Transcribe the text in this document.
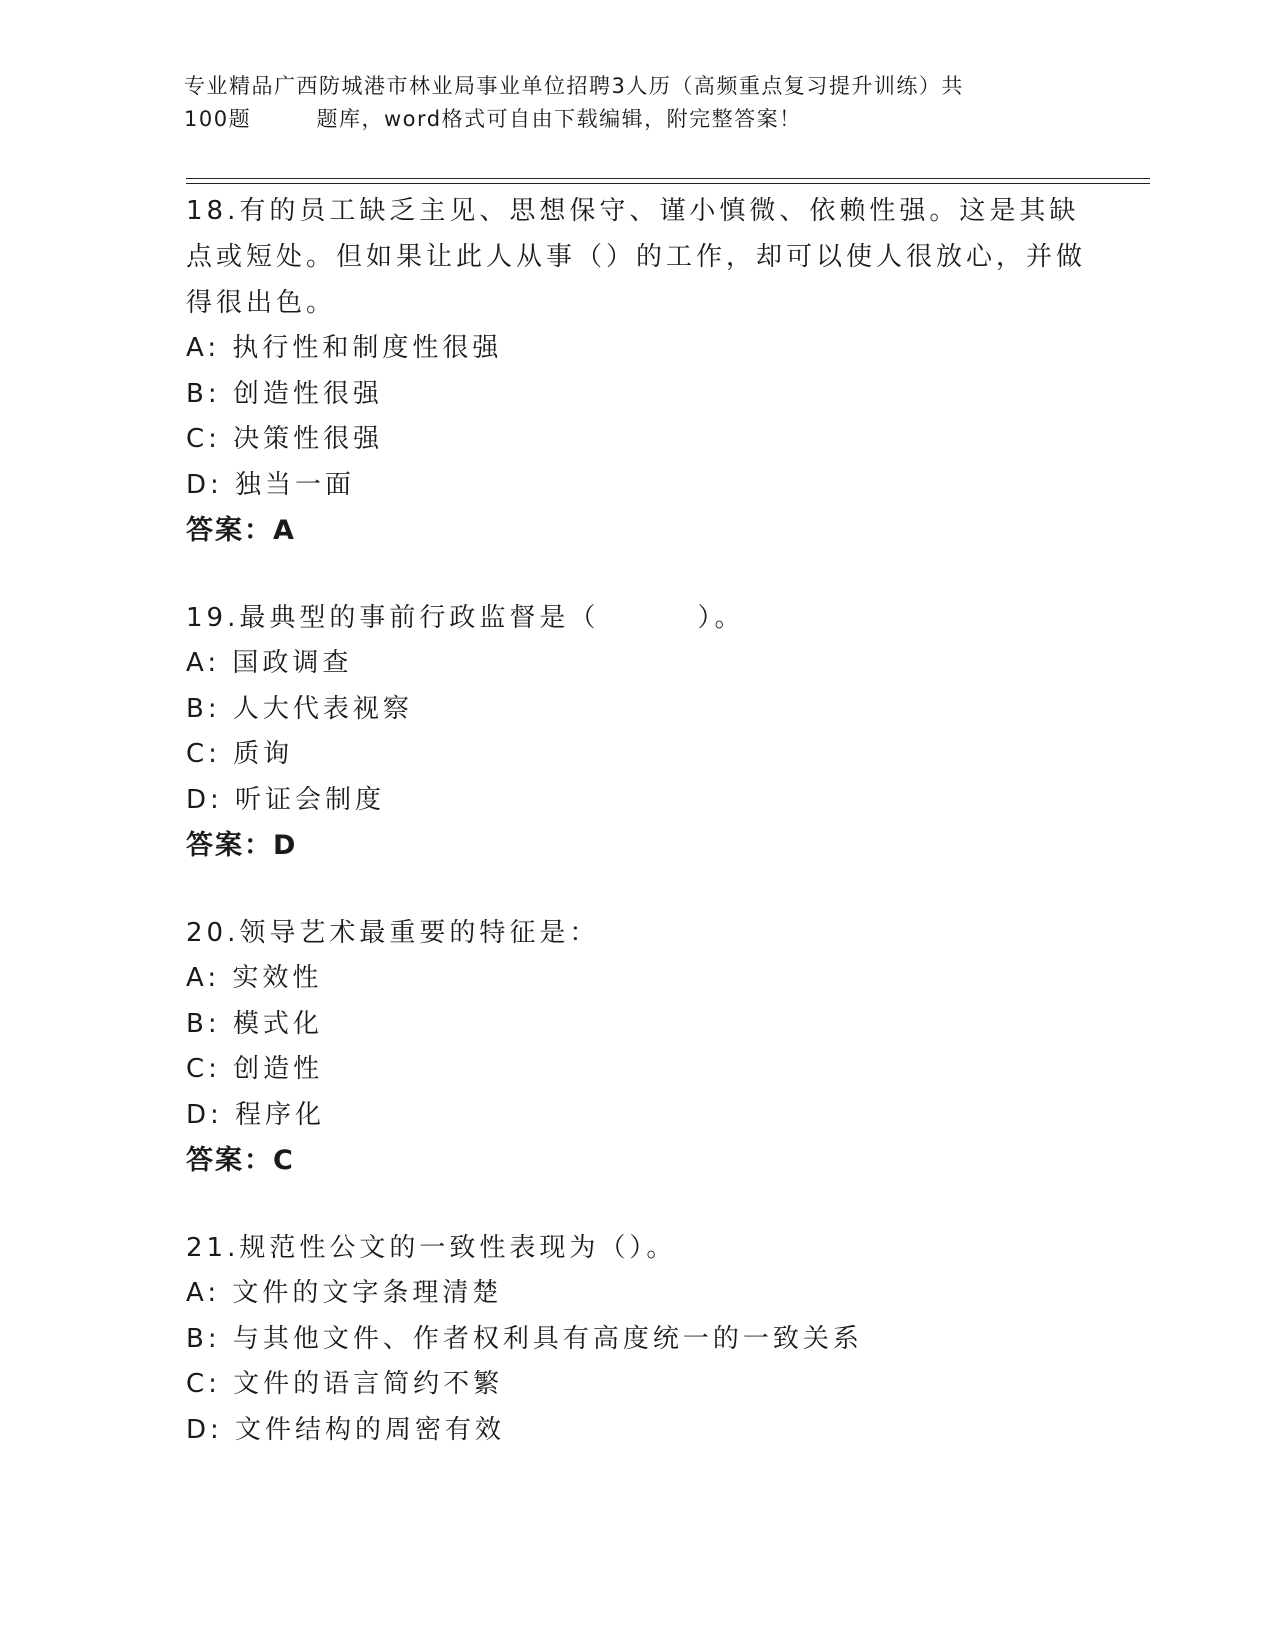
专业精品广西防城港市林业局事业单位招聘3人历（高频重点复习提升训练）共
100题        题库，word格式可自由下载编辑，附完整答案！

18.有的员工缺乏主见、思想保守、谨小慎微、依赖性强。这是其缺点或短处。但如果让此人从事（）的工作，却可以使人很放心，并做得很出色。

A: 执行性和制度性很强

B: 创造性很强

C: 决策性很强

D: 独当一面

答案：A

19.最典型的事前行政监督是（        ）。

A: 国政调查

B: 人大代表视察

C: 质询

D: 听证会制度

答案：D

20.领导艺术最重要的特征是：

A: 实效性

B: 模式化

C: 创造性

D: 程序化

答案：C

21.规范性公文的一致性表现为（）。

A: 文件的文字条理清楚

B: 与其他文件、作者权利具有高度统一的一致关系

C: 文件的语言简约不繁

D: 文件结构的周密有效
